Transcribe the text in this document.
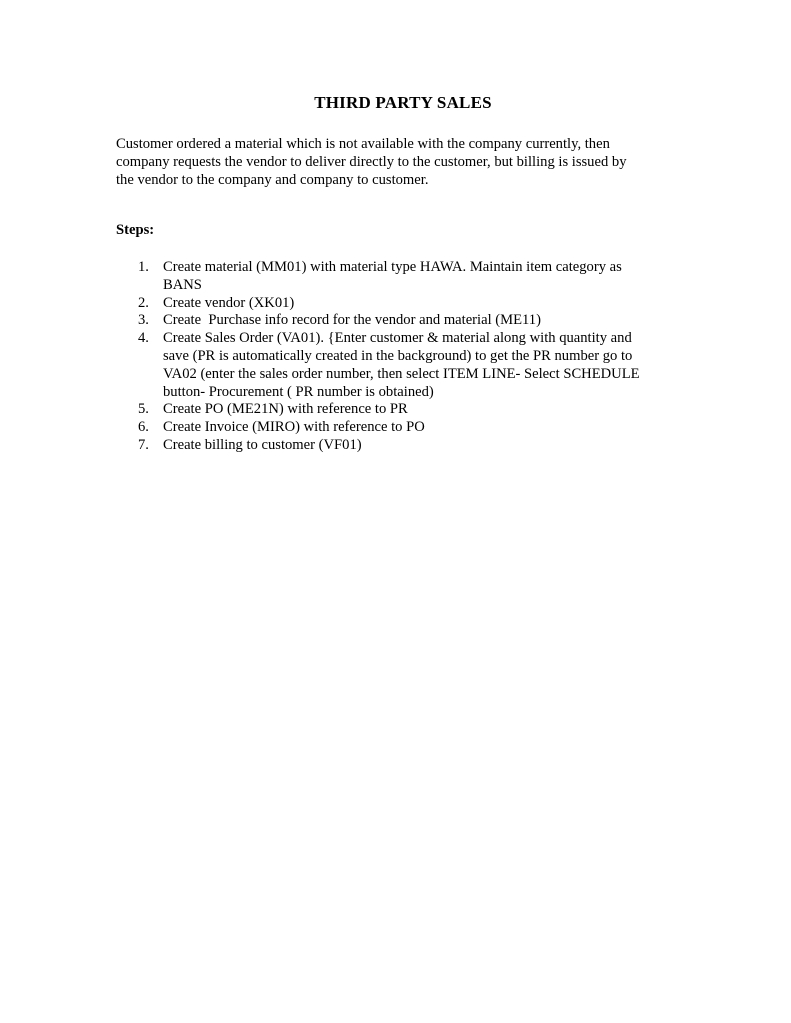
THIRD PARTY SALES

Customer ordered a material which is not available with the company currently, then
company requests the vendor to deliver directly to the customer, but billing is issued by
the vendor to the company and company to customer.

Steps:

1. Create material (MM01) with material type HAWA. Maintain item category as
BANS
2. Create vendor (XK01)
3. Create  Purchase info record for the vendor and material (ME11)
4. Create Sales Order (VA01). {Enter customer & material along with quantity and
save (PR is automatically created in the background) to get the PR number go to
VA02 (enter the sales order number, then select ITEM LINE- Select SCHEDULE
button- Procurement ( PR number is obtained)
5. Create PO (ME21N) with reference to PR
6. Create Invoice (MIRO) with reference to PO
7. Create billing to customer (VF01)
